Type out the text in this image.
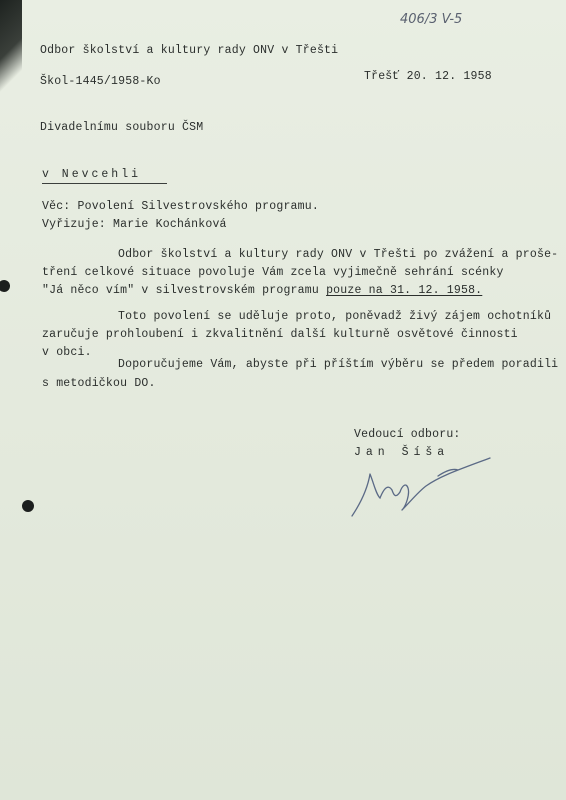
406/3 V-5
Odbor školství a kultury rady ONV v Třešti
Škol-1445/1958-Ko	Třešť 20. 12. 1958
Divadelnímu souboru ČSM
v Nevcehli
Věc: Povolení Silvestrovského programu.
Vyřizuje: Marie Kochánková
Odbor školství a kultury rady ONV v Třešti po zvážení a proše-
tření celkové situace povoluje Vám zcela vyjimečně sehrání scénky
"Já něco vím" v silvestrovském programu pouze na 31. 12. 1958.
Toto povolení se uděluje proto, poněvadž živý zájem ochotníků
zaručuje prohloubení i zkvalitnění další kulturně osvětové činnosti
v obci.
Doporučujeme Vám, abyste při příštím výběru se předem poradili
s metodičkou DO.
Vedoucí odboru:
Jan Šíša
